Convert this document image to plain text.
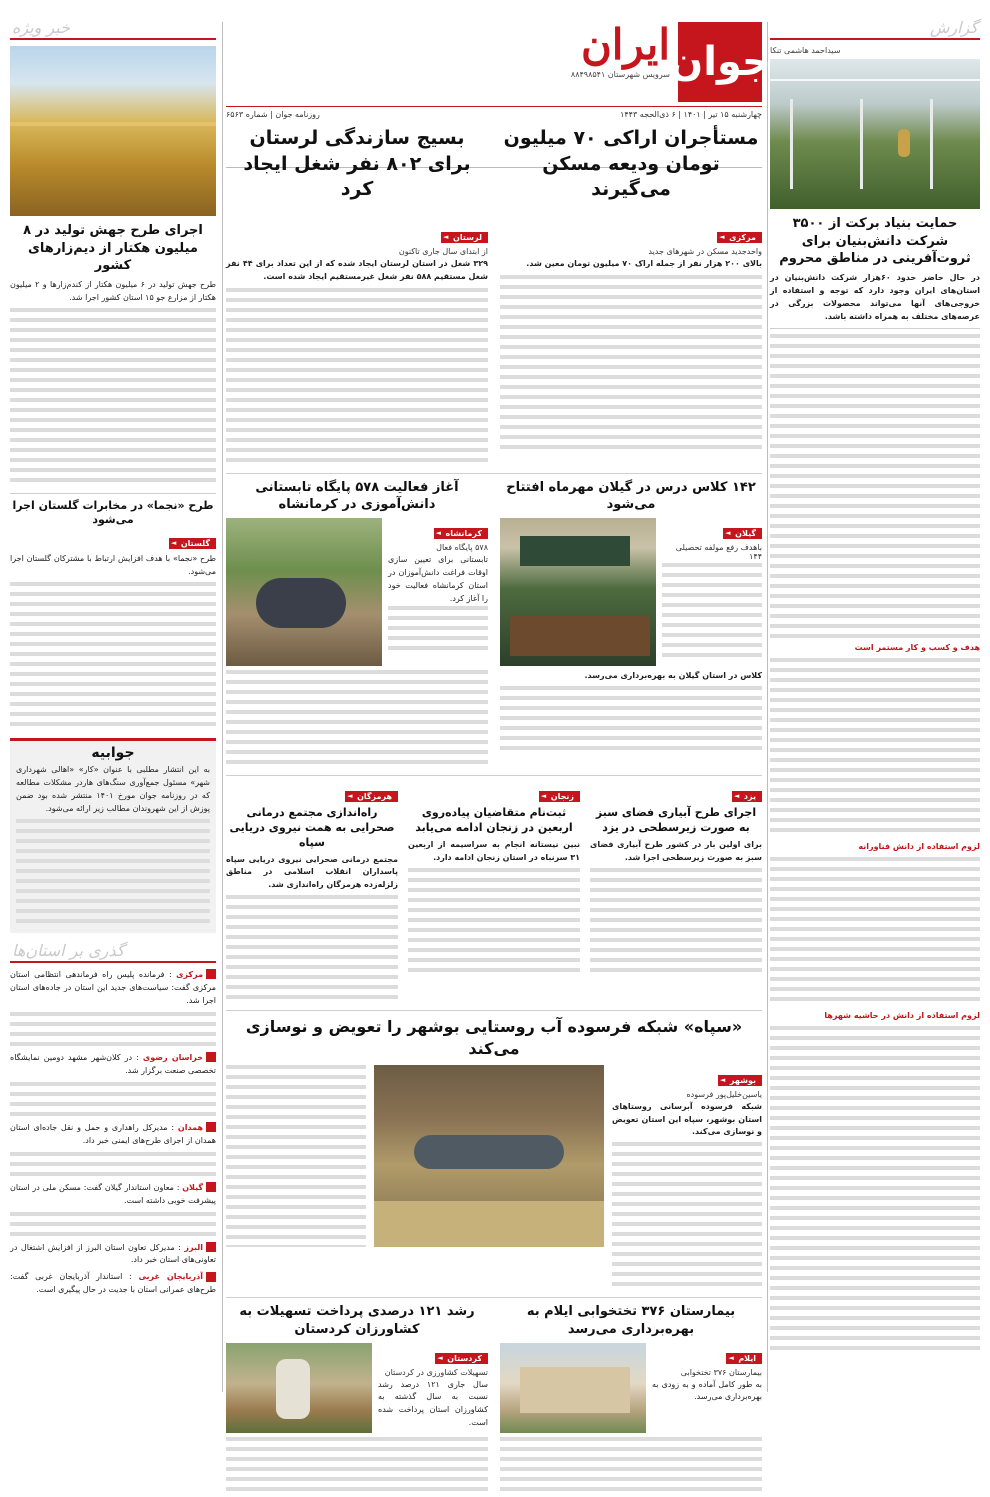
گزارش
سیداحمد هاشمی تنکا
حمایت بنیاد برکت از ۳۵۰۰ شرکت دانش‌بنیان برای ثروت‌آفرینی در مناطق محروم
در حال حاضر حدود ۶۰هزار شرکت دانش‌بنیان در استان‌های ایران وجود دارد که توجه و استفاده از خروجی‌های آنها می‌تواند محصولات بزرگی در عرصه‌های مختلف به همراه داشته باشد.
هدف و کسب و کار مستمر است
لزوم استفاده از دانش فناورانه
لزوم استفاده از دانش در حاشیه شهرها
جوان
ایران
سرویس شهرستان ۸۸۴۹۸۵۴۱
چهارشنبه ۱۵ تیر | ۱۴۰۱ | ۶ ذی‌الحجه ۱۴۴۳
روزنامه جوان | شماره ۶۵۶۳
مستأجران اراکی ۷۰ میلیون تومان ودیعه مسکن می‌گیرند
بسیج سازندگی لرستان برای ۸۰۲ نفر شغل ایجاد کرد
مرکزی ◄
واحد‌جدید مسکن در شهرهای جدید
بالای ۲۰۰ هزار نفر از جمله اراک ۷۰ میلیون تومان معین شد.
لرستان ◄
از ابتدای سال جاری تاکنون
۳۲۹ شغل در استان لرستان ایجاد شده که از این تعداد برای ۴۴ نفر شغل مستقیم ۵۸۸ نفر شغل غیرمستقیم ایجاد شده است.
۱۴۲ کلاس درس در گیلان مهرماه افتتاح می‌شود
گیلان ◄
باهدف رفع مولفه تحصیلی ۱۴۴
کلاس در استان گیلان به بهره‌برداری می‌رسد.
آغاز فعالیت ۵۷۸ پایگاه تابستانی دانش‌آموزی در کرمانشاه
کرمانشاه ◄
۵۷۸ پایگاه فعال
تابستانی برای تعیین سازی اوقات فراغت دانش‌آموزان در استان کرمانشاه فعالیت خود را آغاز کرد.
یزد ◄
اجرای طرح آبیاری فضای سبز به صورت زیرسطحی در یزد
برای اولین بار در کشور طرح آبیاری فضای سبز به صورت زیرسطحی اجرا شد.
زنجان ◄
ثبت‌نام متقاضیان پیاده‌روی اربعین در زنجان ادامه می‌یابد
نبین نیستانه انجام به سراسیمه از اربعین ۳۱ سرنباه در استان زنجان ادامه دارد.
هرمزگان ◄
راه‌اندازی مجتمع درمانی صحرایی به همت نیروی دریایی سپاه
مجتمع درمانی صحرایی نیروی دریایی سپاه پاسداران انقلاب اسلامی در مناطق زلزله‌زده هرمزگان راه‌اندازی شد.
«سپاه» شبکه فرسوده آب روستایی بوشهر را تعویض و نوسازی می‌کند
بوشهر ◄
یاسین‌خلیل‌پور فرسوده
شبکه فرسوده آبرسانی روستاهای استان بوشهر، سپاه این استان تعویض و نوسازی می‌کند.
بیمارستان ۳۷۶ تختخوابی ایلام به بهره‌برداری می‌رسد
ایلام ◄
بیمارستان ۳۷۶ تختخوابی
به طور کامل آماده و به زودی به بهره‌برداری می‌رسد.
رشد ۱۲۱ درصدی پرداخت تسهیلات به کشاورزان کردستان
کردستان ◄
تسهیلات کشاورزی در کردستان
سال جاری ۱۲۱ درصد رشد نسبت به سال گذشته به کشاورزان استان پرداخت شده است.
خبر ویژه
اجرای طرح جهش تولید در ۸ میلیون هکتار از دیم‌زارهای کشور
طرح جهش تولید در ۶ میلیون هکتار از کندم‌زارها و ۲ میلیون هکتار از مزارع جو ۱۵ استان کشور اجرا شد.
طرح «نجما» در مخابرات گلستان اجرا می‌شود
گلستان ◄
طرح «نجما» با هدف افزایش ارتباط با مشترکان گلستان اجرا می‌شود.
جوابیه
به این انتشار مطلبی با عنوان «کار» «اهالی شهرداری شهر» مسئول جمع‌آوری سنگ‌های هاردر مشکلات مطالعه که در روزنامه جوان مورخ ۱۴۰۱ منتشر شده بود ضمن پوزش از این شهروندان مطالب زیر ارائه می‌شود.
گذری بر استان‌ها
مرکزی : فرمانده پلیس راه فرماندهی انتظامی استان مرکزی گفت: سیاست‌های جدید این استان در جاده‌های استان اجرا شد.
خراسان رضوی : در کلان‌شهر مشهد دومین نمایشگاه تخصصی صنعت برگزار شد.
همدان : مدیرکل راهداری و حمل و نقل جاده‌ای استان همدان از اجرای طرح‌های ایمنی خبر داد.
گیلان : معاون استاندار گیلان گفت: مسکن ملی در استان پیشرفت خوبی داشته است.
البرز : مدیرکل تعاون استان البرز از افزایش اشتغال در تعاونی‌های استان خبر داد.
آذربایجان غربی : استاندار آذربایجان غربی گفت: طرح‌های عمرانی استان با جدیت در حال پیگیری است.
